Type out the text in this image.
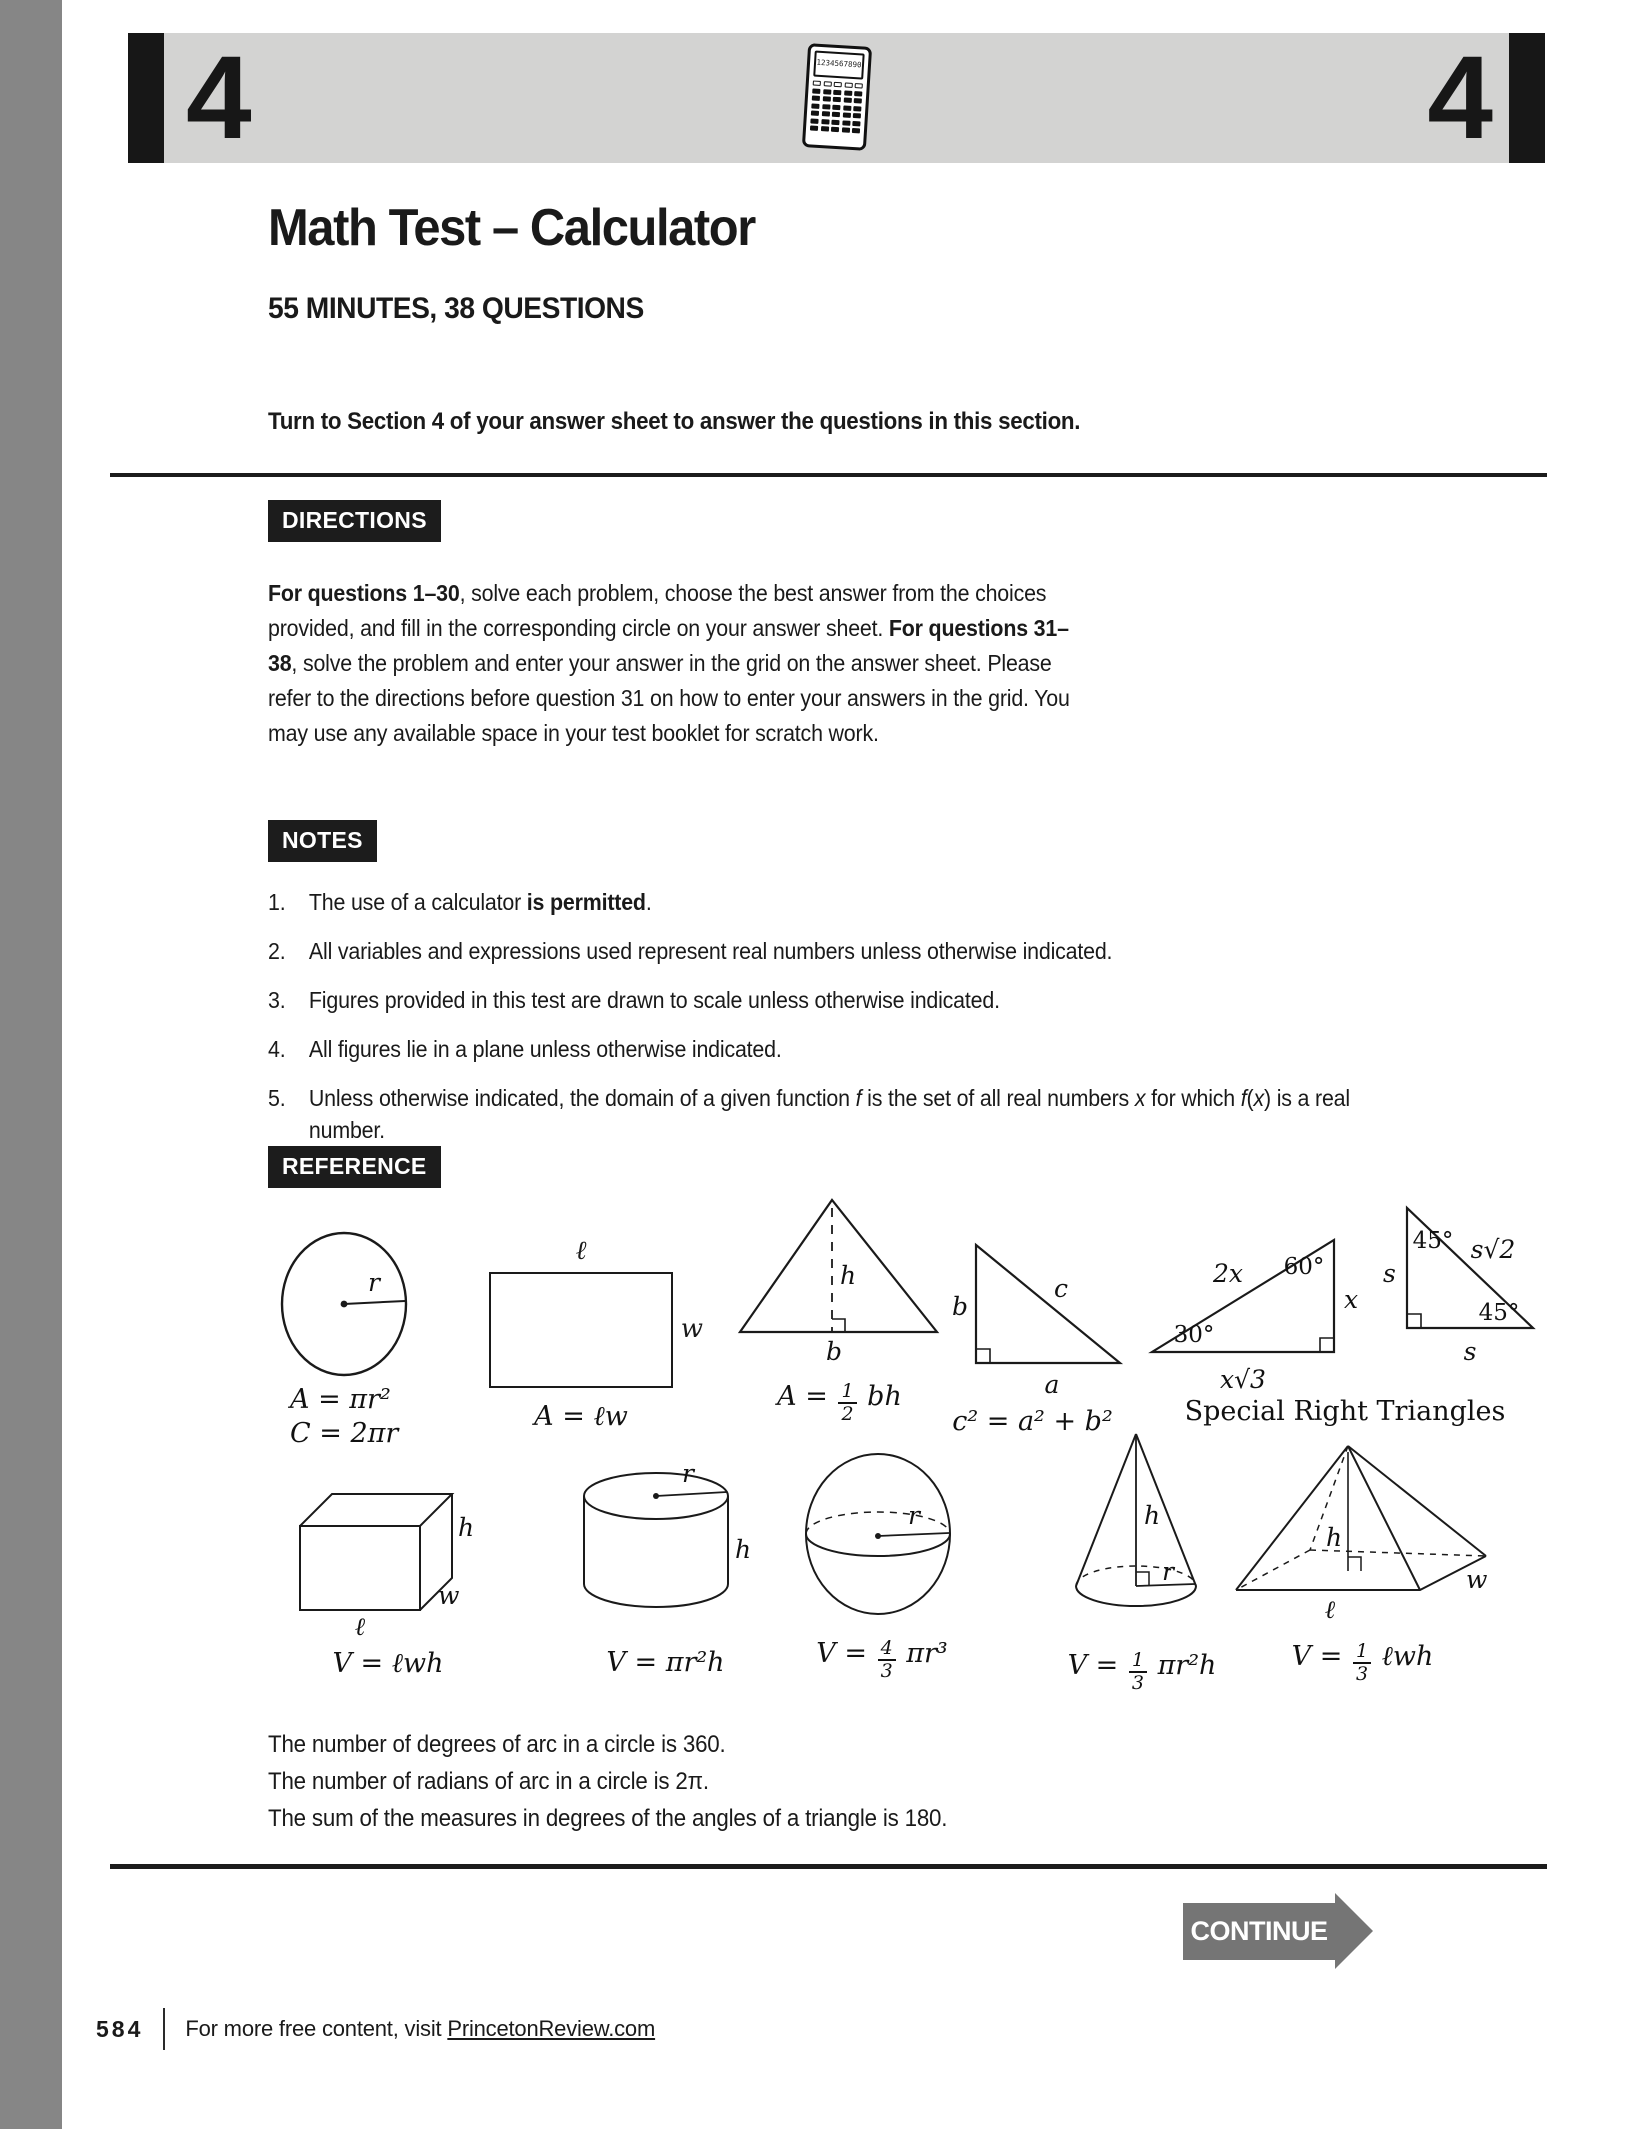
4	4
1234567890
Math Test – Calculator
55 MINUTES, 38 QUESTIONS
Turn to Section 4 of your answer sheet to answer the questions in this section.
DIRECTIONS
For questions 1–30, solve each problem, choose the best answer from the choices provided, and fill in the corresponding circle on your answer sheet. For questions 31–38, solve the problem and enter your answer in the grid on the answer sheet. Please refer to the directions before question 31 on how to enter your answers in the grid. You may use any available space in your test booklet for scratch work.
NOTES
1.	The use of a calculator is permitted.
2.	All variables and expressions used represent real numbers unless otherwise indicated.
3.	Figures provided in this test are drawn to scale unless otherwise indicated.
4.	All figures lie in a plane unless otherwise indicated.
5.	Unless otherwise indicated, the domain of a given function f is the set of all real numbers x for which f(x) is a real number.
REFERENCE
r
A = πr²
C = 2πr
ℓ
w
A = ℓw
h
b
$A = \frac{1}{2}$ bh
b
c
a
c² = a² + b²
2x 60°
x
30°
x√3
s
45° s√2
45°
s
Special Right Triangles
h
w
ℓ
V = ℓwh
r
h
V = πr²h
r
$V = \frac{4}{3} \pi r^3$
h
r
$V = \frac{1}{3} \pi r^2h$
h
w
ℓ
$V = \frac{1}{3}$ ℓwh
The number of degrees of arc in a circle is 360.
The number of radians of arc in a circle is 2π.
The sum of the measures in degrees of the angles of a triangle is 180.
CONTINUE
584 For more free content, visit PrincetonReview.com
